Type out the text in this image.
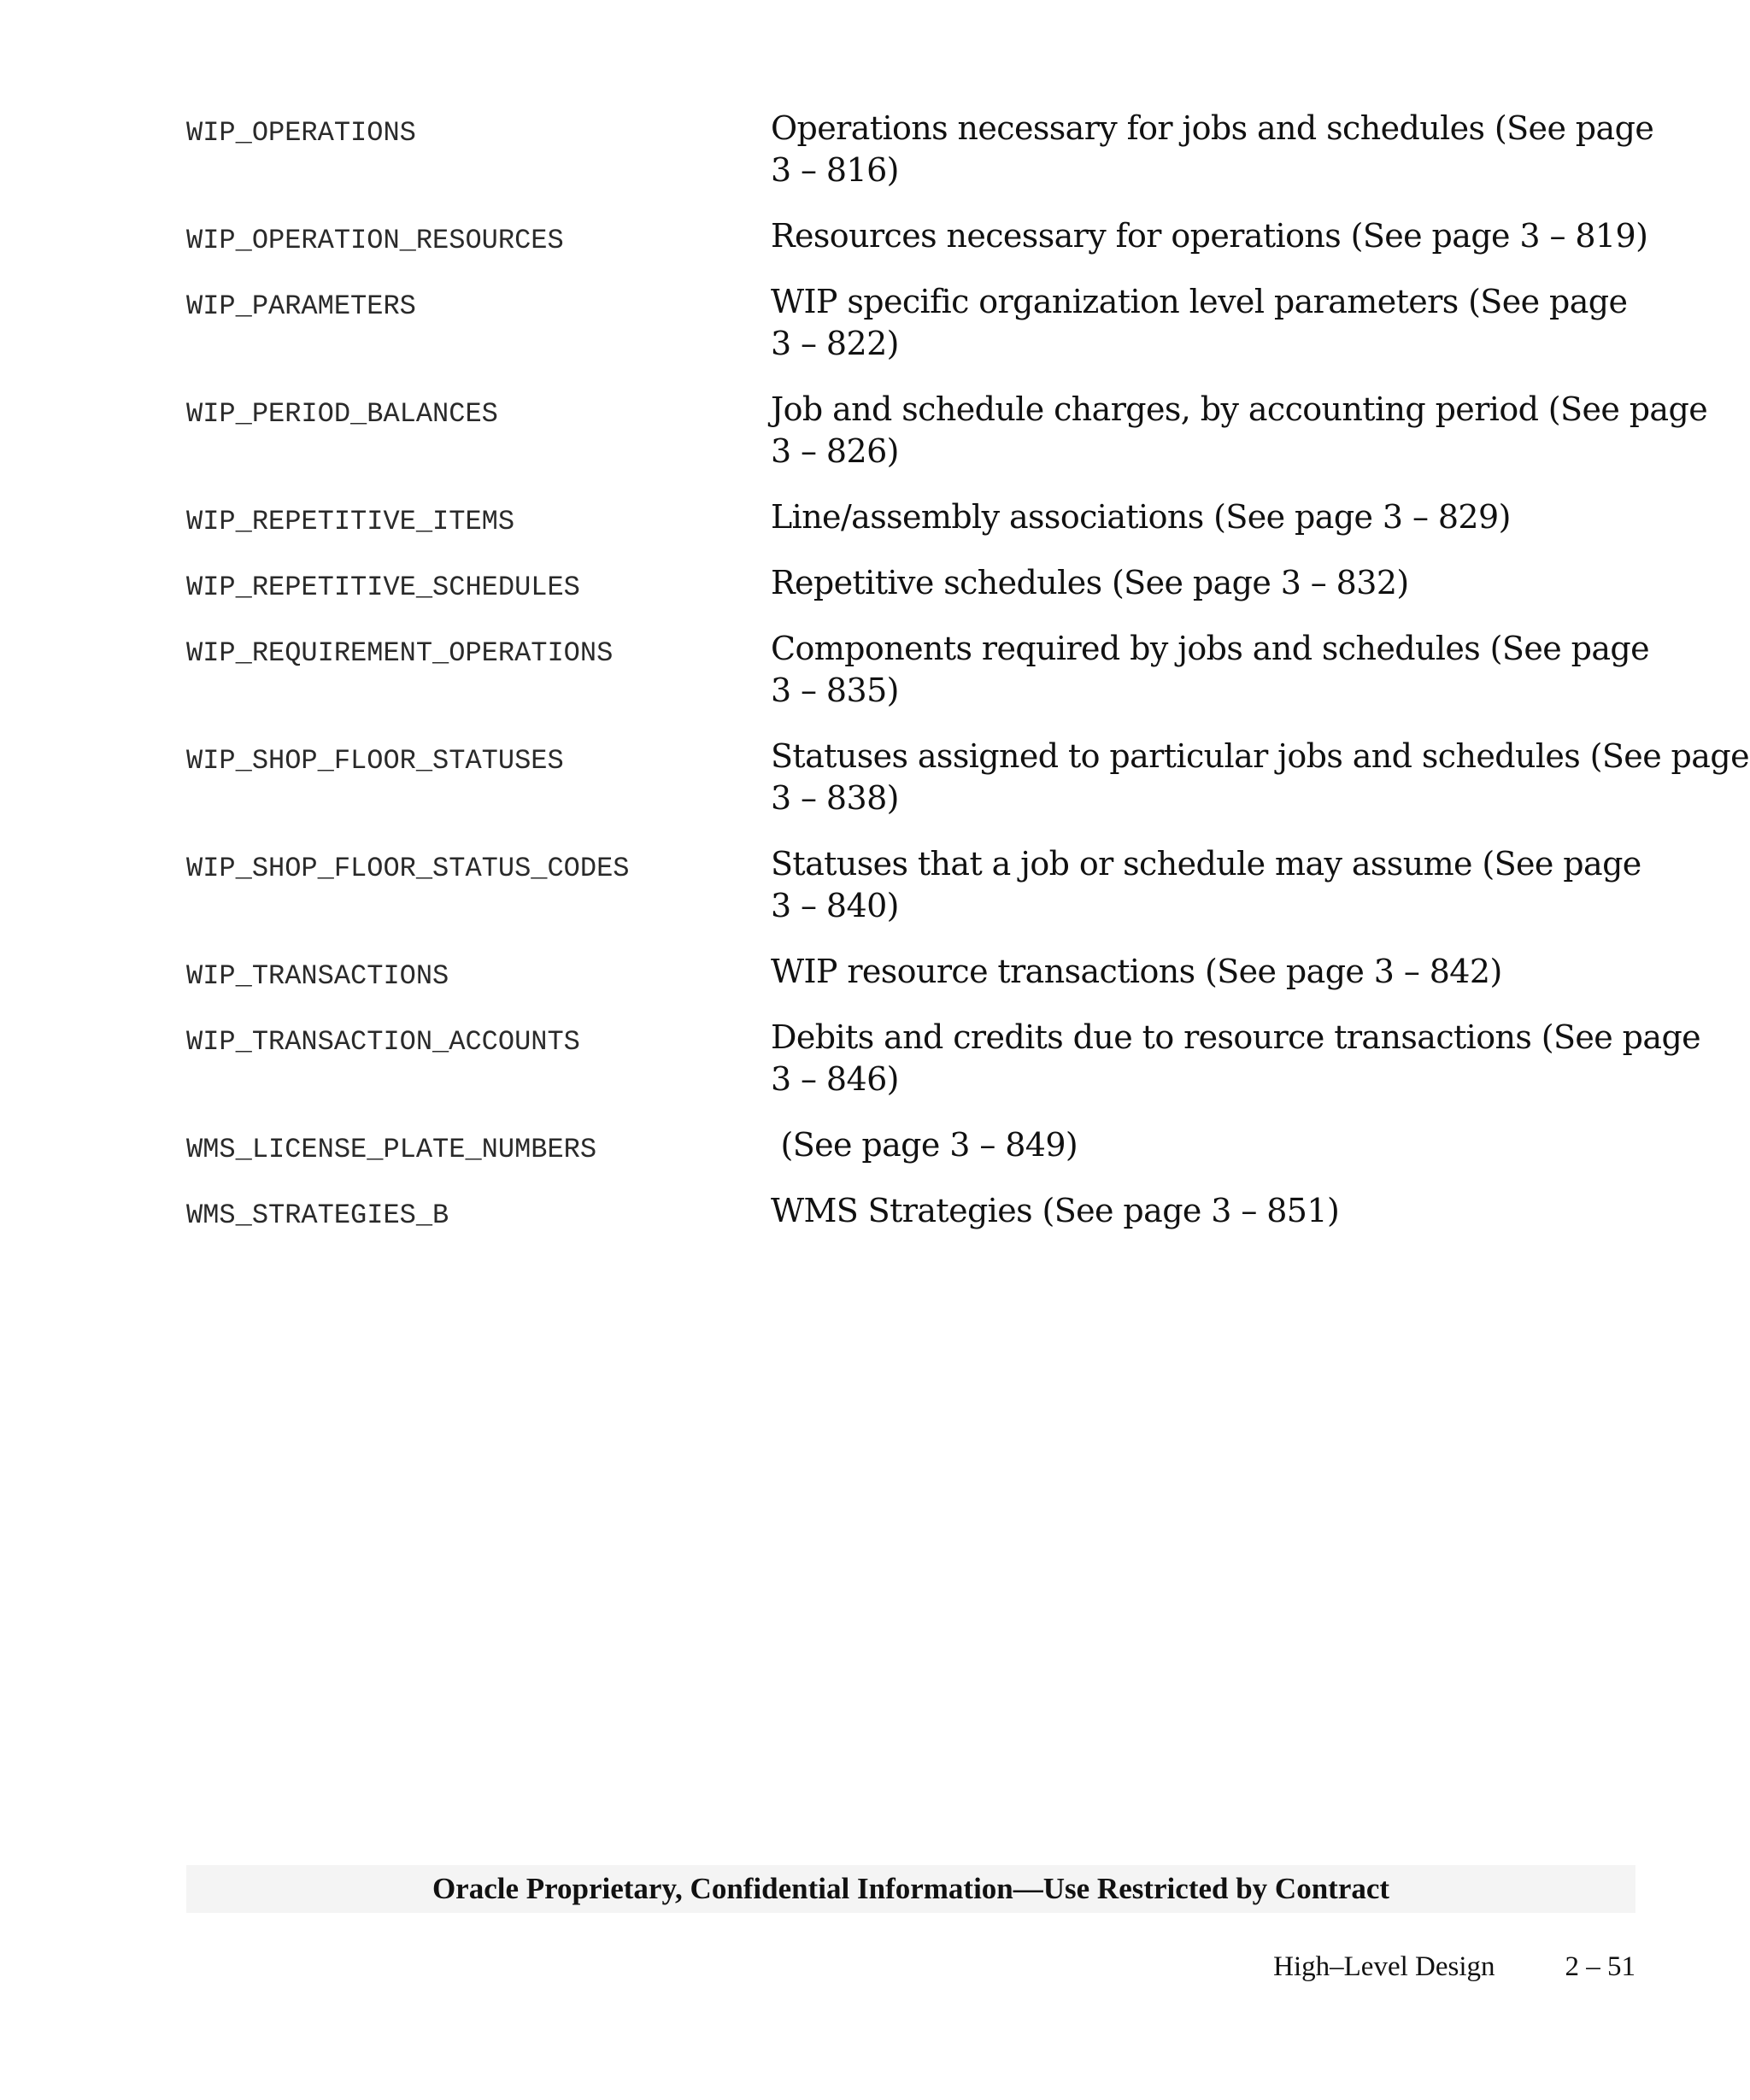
WIP_OPERATIONS	Operations necessary for jobs and schedules (See page
3 – 816)
WIP_OPERATION_RESOURCES	Resources necessary for operations (See page 3 – 819)
WIP_PARAMETERS	WIP specific organization level parameters (See page
3 – 822)
WIP_PERIOD_BALANCES	Job and schedule charges, by accounting period (See page
3 – 826)
WIP_REPETITIVE_ITEMS	Line/assembly associations (See page 3 – 829)
WIP_REPETITIVE_SCHEDULES	Repetitive schedules (See page 3 – 832)
WIP_REQUIREMENT_OPERATIONS	Components required by jobs and schedules (See page
3 – 835)
WIP_SHOP_FLOOR_STATUSES	Statuses assigned to particular jobs and schedules (See page
3 – 838)
WIP_SHOP_FLOOR_STATUS_CODES	Statuses that a job or schedule may assume (See page
3 – 840)
WIP_TRANSACTIONS	WIP resource transactions (See page 3 – 842)
WIP_TRANSACTION_ACCOUNTS	Debits and credits due to resource transactions (See page
3 – 846)
WMS_LICENSE_PLATE_NUMBERS	(See page 3 – 849)
WMS_STRATEGIES_B	WMS Strategies (See page 3 – 851)
Oracle Proprietary, Confidential Information––Use Restricted by Contract
High–Level Design 2 – 51
